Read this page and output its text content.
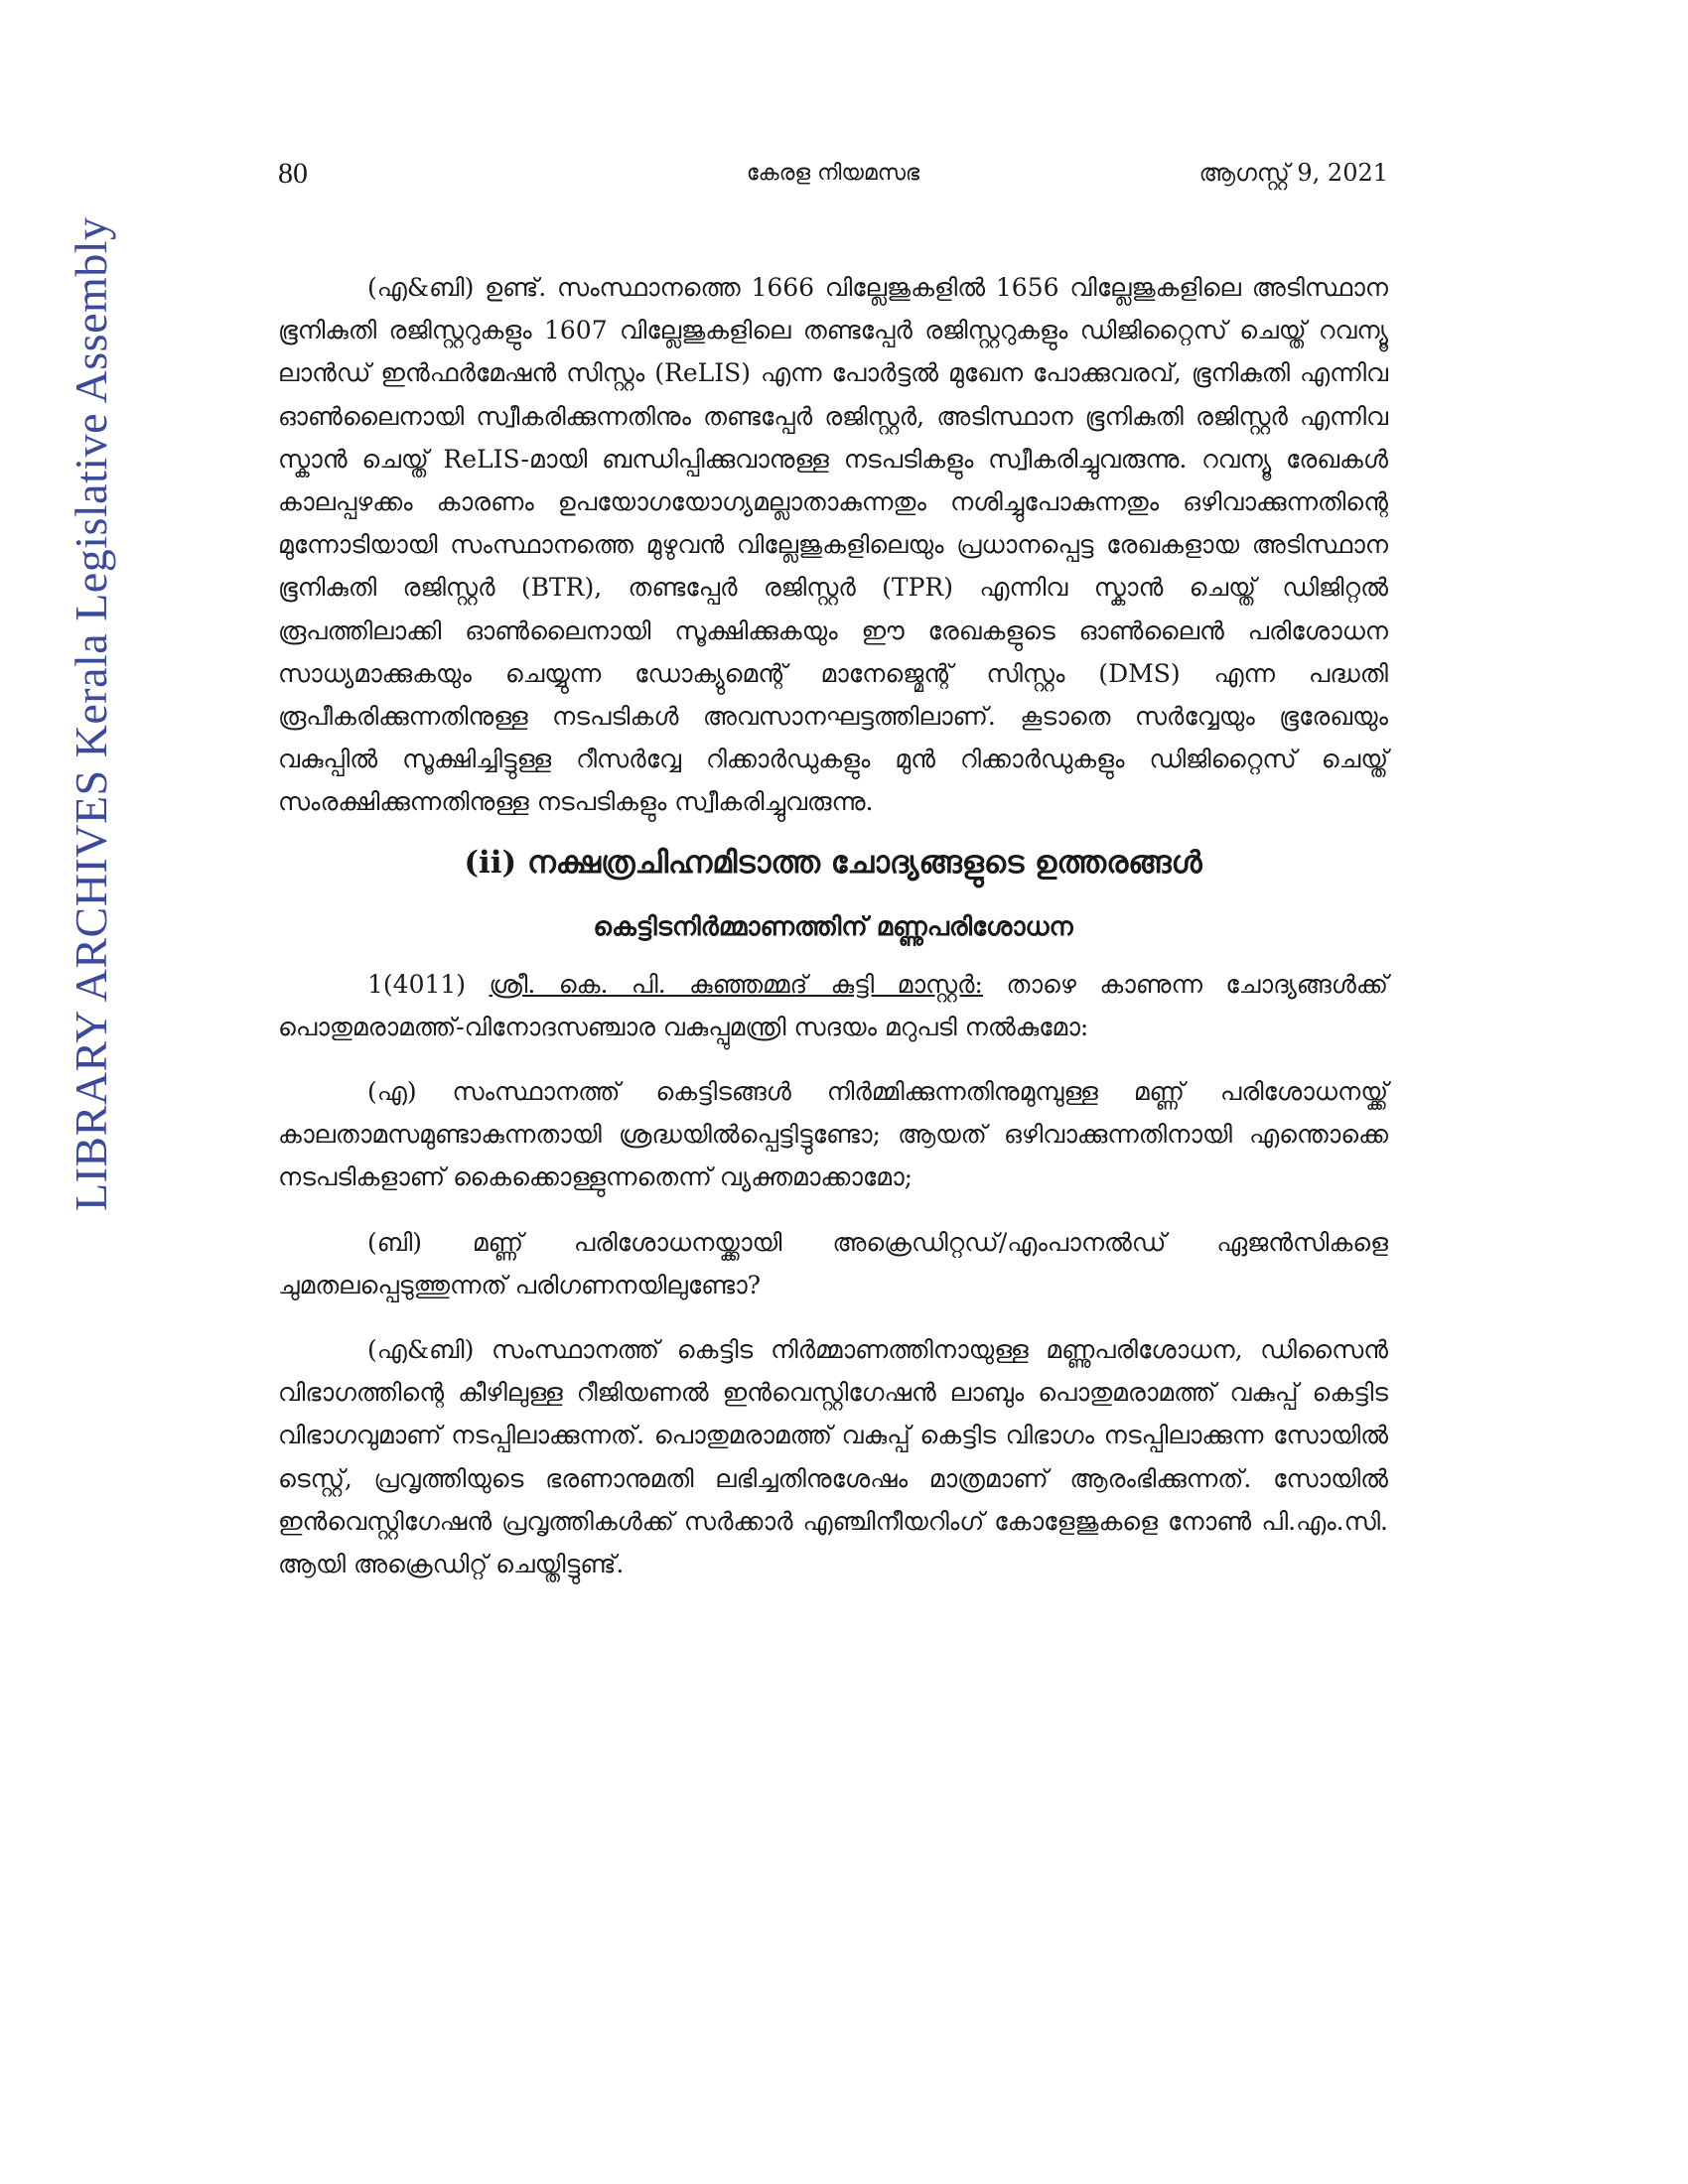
LIBRARY ARCHIVES Kerala Legislative Assembly
80	കേരള നിയമസഭ	ആഗസ്റ്റ് 9, 2021

(എ&ബി) ഉണ്ട്. സംസ്ഥാനത്തെ 1666 വില്ലേജുകളിൽ 1656 വില്ലേജുകളിലെ അടിസ്ഥാന ഭൂനികുതി രജിസ്റ്ററുകളും 1607 വില്ലേജുകളിലെ തണ്ടപ്പേർ രജിസ്റ്ററുകളും ഡിജിറ്റൈസ് ചെയ്ത് റവന്യൂ ലാൻഡ് ഇൻഫർമേഷൻ സിസ്റ്റം (ReLIS) എന്ന പോർട്ടൽ മുഖേന പോക്കുവരവ്, ഭൂനികുതി എന്നിവ ഓൺലൈനായി സ്വീകരിക്കുന്നതിനും തണ്ടപ്പേർ രജിസ്റ്റർ, അടിസ്ഥാന ഭൂനികുതി രജിസ്റ്റർ എന്നിവ സ്കാൻ ചെയ്ത് ReLIS-മായി ബന്ധിപ്പിക്കുവാനുള്ള നടപടികളും സ്വീകരിച്ചുവരുന്നു. റവന്യൂ രേഖകൾ കാലപ്പഴക്കം കാരണം ഉപയോഗയോഗ്യമല്ലാതാകുന്നതും നശിച്ചുപോകുന്നതും ഒഴിവാക്കുന്നതിന്റെ മുന്നോടിയായി സംസ്ഥാനത്തെ മുഴുവൻ വില്ലേജുകളിലെയും പ്രധാനപ്പെട്ട രേഖകളായ അടിസ്ഥാന ഭൂനികുതി രജിസ്റ്റർ (BTR), തണ്ടപ്പേർ രജിസ്റ്റർ (TPR) എന്നിവ സ്കാൻ ചെയ്ത് ഡിജിറ്റൽ രൂപത്തിലാക്കി ഓൺലൈനായി സൂക്ഷിക്കുകയും ഈ രേഖകളുടെ ഓൺലൈൻ പരിശോധന സാധ്യമാക്കുകയും ചെയ്യുന്ന ഡോക്യുമെന്റ് മാനേജ്മെന്റ് സിസ്റ്റം (DMS) എന്ന പദ്ധതി രൂപീകരിക്കുന്നതിനുള്ള നടപടികൾ അവസാനഘട്ടത്തിലാണ്. കൂടാതെ സർവ്വേയും ഭൂരേഖയും വകുപ്പിൽ സൂക്ഷിച്ചിട്ടുള്ള റീസർവ്വേ റിക്കാർഡുകളും മുൻ റിക്കാർഡുകളും ഡിജിറ്റൈസ് ചെയ്ത് സംരക്ഷിക്കുന്നതിനുള്ള നടപടികളും സ്വീകരിച്ചുവരുന്നു.

(ii) നക്ഷത്രചിഹ്നമിടാത്ത ചോദ്യങ്ങളുടെ ഉത്തരങ്ങൾ
കെട്ടിടനിർമ്മാണത്തിന് മണ്ണുപരിശോധന

1(4011) ശ്രീ. കെ. പി. കുഞ്ഞമ്മദ് കുട്ടി മാസ്റ്റർ: താഴെ കാണുന്ന ചോദ്യങ്ങൾക്ക് പൊതുമരാമത്ത്-വിനോദസഞ്ചാര വകുപ്പുമന്ത്രി സദയം മറുപടി നൽകുമോ:

(എ) സംസ്ഥാനത്ത് കെട്ടിടങ്ങൾ നിർമ്മിക്കുന്നതിനുമുമ്പുള്ള മണ്ണ് പരിശോധനയ്ക്ക് കാലതാമസമുണ്ടാകുന്നതായി ശ്രദ്ധയിൽപ്പെട്ടിട്ടുണ്ടോ; ആയത് ഒഴിവാക്കുന്നതിനായി എന്തൊക്കെ നടപടികളാണ് കൈക്കൊള്ളുന്നതെന്ന് വ്യക്തമാക്കാമോ;

(ബി) മണ്ണ് പരിശോധനയ്ക്കായി അക്രെഡിറ്റഡ്/എംപാനൽഡ് ഏജൻസികളെ ചുമതലപ്പെടുത്തുന്നത് പരിഗണനയിലുണ്ടോ?

(എ&ബി) സംസ്ഥാനത്ത് കെട്ടിട നിർമ്മാണത്തിനായുള്ള മണ്ണുപരിശോധന, ഡിസൈൻ വിഭാഗത്തിന്റെ കീഴിലുള്ള റീജിയണൽ ഇൻവെസ്റ്റിഗേഷൻ ലാബും പൊതുമരാമത്ത് വകുപ്പ് കെട്ടിട വിഭാഗവുമാണ് നടപ്പിലാക്കുന്നത്. പൊതുമരാമത്ത് വകുപ്പ് കെട്ടിട വിഭാഗം നടപ്പിലാക്കുന്ന സോയിൽ ടെസ്റ്റ്, പ്രവൃത്തിയുടെ ഭരണാനുമതി ലഭിച്ചതിനുശേഷം മാത്രമാണ് ആരംഭിക്കുന്നത്. സോയിൽ ഇൻവെസ്റ്റിഗേഷൻ പ്രവൃത്തികൾക്ക് സർക്കാർ എഞ്ചിനീയറിംഗ് കോളേജുകളെ നോൺ പി.എം.സി. ആയി അക്രെഡിറ്റ് ചെയ്തിട്ടുണ്ട്.
